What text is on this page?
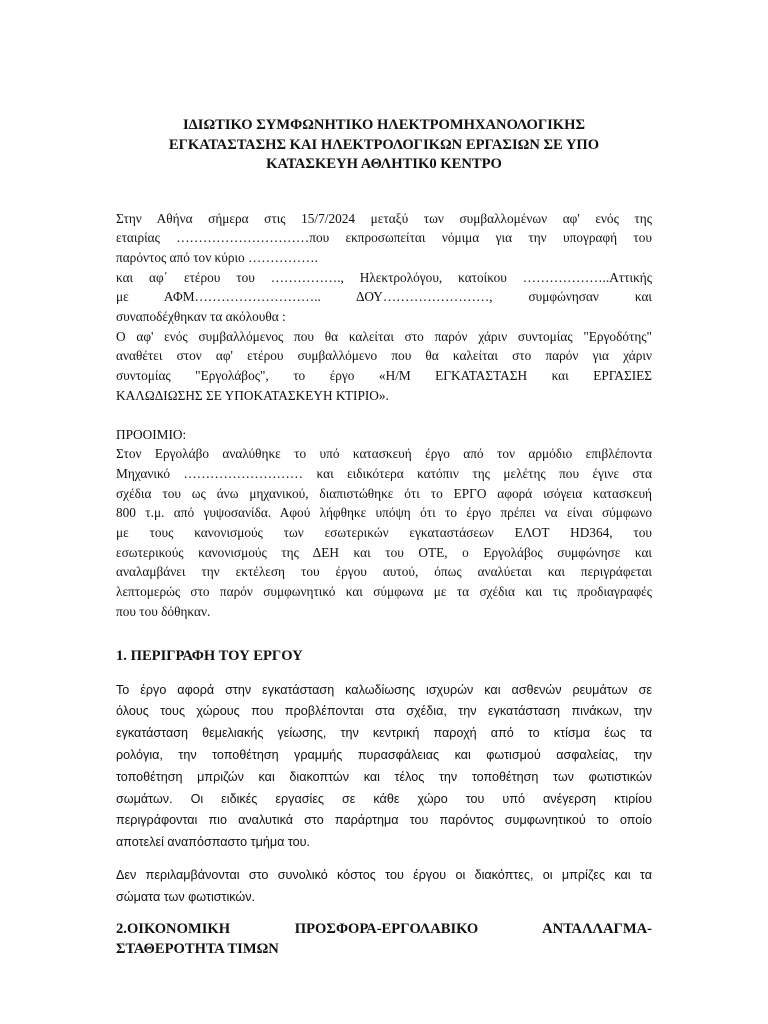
ΙΔΙΩΤΙΚΟ ΣΥΜΦΩΝΗΤΙΚΟ ΗΛΕΚΤΡΟΜΗΧΑΝΟΛΟΓΙΚΗΣ
ΕΓΚΑΤΑΣΤΑΣΗΣ ΚΑΙ ΗΛΕΚΤΡΟΛΟΓΙΚΩΝ ΕΡΓΑΣΙΩΝ ΣΕ ΥΠΟ
ΚΑΤΑΣΚΕΥΗ ΑΘΛΗΤΙΚ0 ΚΕΝΤΡΟ
Στην Αθήνα σήμερα στις 15/7/2024 μεταξύ των συμβαλλομένων αφ' ενός της
εταιρίας …………………………που εκπροσωπείται νόμιμα για την υπογραφή του
παρόντος από τον κύριο …………….
και αφ΄ ετέρου του ……………., Ηλεκτρολόγου, κατοίκου ………………..Αττικής
με ΑΦΜ……………………….. ΔΟΥ……………………, συμφώνησαν και
συναποδέχθηκαν τα ακόλουθα :
Ο αφ' ενός συμβαλλόμενος που θα καλείται στο παρόν χάριν συντομίας "Εργοδότης"
αναθέτει στον αφ' ετέρου συμβαλλόμενο που θα καλείται στο παρόν για χάριν
συντομίας "Εργολάβος", το έργο «Η/Μ ΕΓΚΑΤΑΣΤΑΣΗ και ΕΡΓΑΣΙΕΣ
ΚΑΛΩΔΙΩΣΗΣ ΣΕ ΥΠΟΚΑΤΑΣΚΕΥΗ ΚΤΙΡΙΟ».
ΠΡΟΟΙΜΙΟ:
Στον Εργολάβο αναλύθηκε το υπό κατασκευή έργο από τον αρμόδιο επιβλέποντα
Μηχανικό ……………………… και ειδικότερα κατόπιν της μελέτης που έγινε στα
σχέδια του ως άνω μηχανικού, διαπιστώθηκε ότι το ΕΡΓΟ αφορά ισόγεια κατασκευή
800 τ.μ. από γυψοσανίδα. Αφού λήφθηκε υπόψη ότι το έργο πρέπει να είναι σύμφωνο
με τους κανονισμούς των εσωτερικών εγκαταστάσεων ΕΛΟΤ HD364, του
εσωτερικούς κανονισμούς της ΔΕΗ και του ΟΤΕ, ο Εργολάβος συμφώνησε και
αναλαμβάνει την εκτέλεση του έργου αυτού, όπως αναλύεται και περιγράφεται
λεπτομερώς στο παρόν συμφωνητικό και σύμφωνα με τα σχέδια και τις προδιαγραφές
που του δόθηκαν.
1. ΠΕΡΙΓΡΑΦΗ ΤΟΥ ΕΡΓΟΥ
Το έργο αφορά στην εγκατάσταση καλωδίωσης ισχυρών και ασθενών ρευμάτων σε
όλους τους χώρους που προβλέπονται στα σχέδια, την εγκατάσταση πινάκων, την
εγκατάσταση θεμελιακής γείωσης, την κεντρική παροχή από το κτίσμα έως τα
ρολόγια, την τοποθέτηση γραμμής πυρασφάλειας και φωτισμού ασφαλείας, την
τοποθέτηση μπριζών και διακοπτών και τέλος την τοποθέτηση των φωτιστικών
σωμάτων. Οι ειδικές εργασίες σε κάθε χώρο του υπό ανέγερση κτιρίου
περιγράφονται πιο αναλυτικά στο παράρτημα του παρόντος συμφωνητικού το οποίο
αποτελεί αναπόσπαστο τμήμα του.
Δεν περιλαμβάνονται στο συνολικό κόστος του έργου οι διακόπτες, οι μπρίζες και τα
σώματα των φωτιστικών.
2.ΟΙΚΟΝΟΜΙΚΗ ΠΡΟΣΦΟΡΑ-ΕΡΓΟΛΑΒΙΚΟ ΑΝΤΑΛΛΑΓΜΑ-
ΣΤΑΘΕΡΟΤΗΤΑ ΤΙΜΩΝ
